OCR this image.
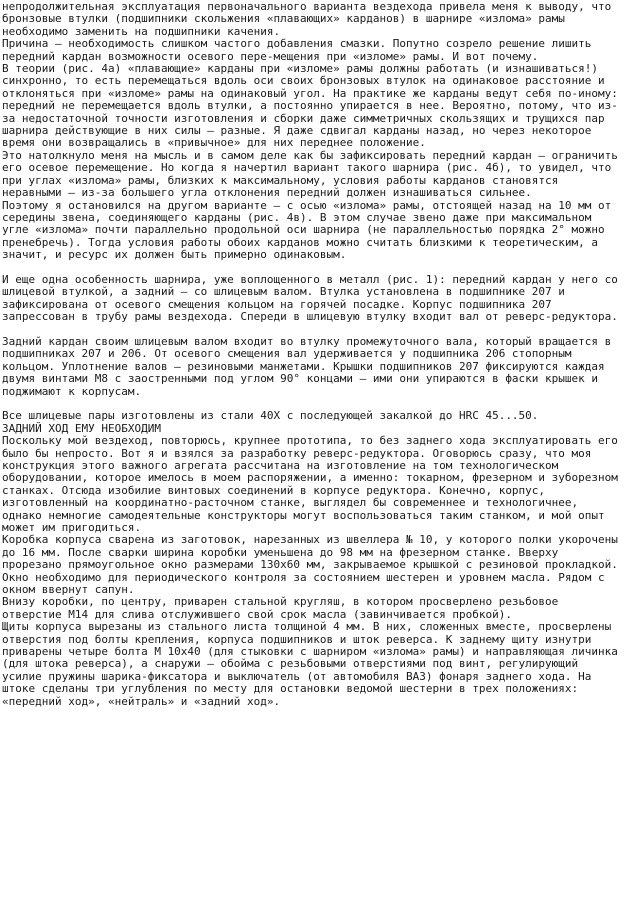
непродолжительная эксплуатация первоначального варианта вездехода привела меня к выводу, что бронзовые втулки (подшипники скольжения «плавающих» карданов) в шарнире «излома» рамы необходимо заменить на подшипники качения.

Причина — необходимость слишком частого добавления смазки. Попутно созрело решение лишить передний кардан возможности осевого пере-мещения при «изломе» рамы. И вот почему.

В теории (рис. 4а) «плавающие» карданы при «изломе» рамы должны работать (и изнашиваться!) синхронно, то есть перемещаться вдоль оси своих бронзовых втулок на одинаковое расстояние и отклоняться при «изломе» рамы на одинаковый угол. На практике же карданы ведут себя по-иному: передний не перемещается вдоль втулки, а постоянно упирается в нее. Вероятно, потому, что из-за недостаточной точности изготовления и сборки даже симметричных скользящих и трущихся пар шарнира действующие в них силы — разные. Я даже сдвигал карданы назад, но через некоторое время они возвращались в «привычное» для них переднее положение.

Это натолкнуло меня на мысль и в самом деле как бы зафиксировать передний кардан — ограничить его осевое перемещение. Но когда я начертил вариант такого шарнира (рис. 4б), то увидел, что при углах «излома» рамы, близких к максимальному, условия работы карданов становятся неравными — из-за большего угла отклонения передний должен изнашиваться сильнее.

Поэтому я остановился на другом варианте — с осью «излома» рамы, отстоящей назад на 10 мм от середины звена, соединяющего карданы (рис. 4в). В этом случае звено даже при максимальном угле «излома» почти параллельно продольной оси шарнира (не параллельностью порядка 2° можно пренебречь). Тогда условия работы обоих карданов можно считать близкими к теоретическим, а значит, и ресурс их должен быть примерно одинаковым.

И еще одна особенность шарнира, уже воплощенного в металл (рис. 1): передний кардан у него со шлицевой втулкой, а задний — со шлицевым валом. Втулка установлена в подшипнике 207 и зафиксирована от осевого смещения кольцом на горячей посадке. Корпус подшипника 207 запрессован в трубу рамы вездехода. Спереди в шлицевую втулку входит вал от реверс-редуктора.

Задний кардан своим шлицевым валом входит во втулку промежуточного вала, который вращается в подшипниках 207 и 206. От осевого смещения вал удерживается у подшипника 206 стопорным кольцом. Уплотнение валов — резиновыми манжетами. Крышки подшипников 207 фиксируются каждая двумя винтами М8 с заостренными под углом 90° концами — ими они упираются в фаски крышек и поджимают к корпусам.

Все шлицевые пары изготовлены из стали 40Х с последующей закалкой до HRC 45...50.

ЗАДНИЙ ХОД ЕМУ НЕОБХОДИМ

Поскольку мой вездеход, повторюсь, крупнее прототипа, то без заднего хода эксплуатировать его было бы непросто. Вот я и взялся за разработку реверс-редуктора. Оговорюсь сразу, что моя конструкция этого важного агрегата рассчитана на изготовление на том технологическом оборудовании, которое имелось в моем распоряжении, а именно: токарном, фрезерном и зуборезном станках. Отсюда изобилие винтовых соединений в корпусе редуктора. Конечно, корпус, изготовленный на координатно-расточном станке, выглядел бы современнее и технологичнее, однако немногие самодеятельные конструкторы могут воспользоваться таким станком, и мой опыт может им пригодиться.

Коробка корпуса сварена из заготовок, нарезанных из швеллера № 10, у которого полки укорочены до 16 мм. После сварки ширина коробки уменьшена до 98 мм на фрезерном станке. Вверху прорезано прямоугольное окно размерами 130х60 мм, закрываемое крышкой с резиновой прокладкой. Окно необходимо для периодического контроля за состоянием шестерен и уровнем масла. Рядом с окном ввернут сапун.

Внизу коробки, по центру, приварен стальной кругляш, в котором просверлено резьбовое отверстие М14 для слива отслужившего свой срок масла (завинчивается пробкой).

Щиты корпуса вырезаны из стального листа толщиной 4 мм. В них, сложенных вместе, просверлены отверстия под болты крепления, корпуса подшипников и шток реверса. К заднему щиту изнутри приварены четыре болта М 10х40 (для стыковки с шарниром «излома» рамы) и направляющая личинка (для штока реверса), а снаружи — обойма с резьбовыми отверстиями под винт, регулирующий усилие пружины шарика-фиксатора и выключатель (от автомобиля ВАЗ) фонаря заднего хода. На штоке сделаны три углубления по месту для остановки ведомой шестерни в трех положениях: «передний ход», «нейтраль» и «задний ход».
